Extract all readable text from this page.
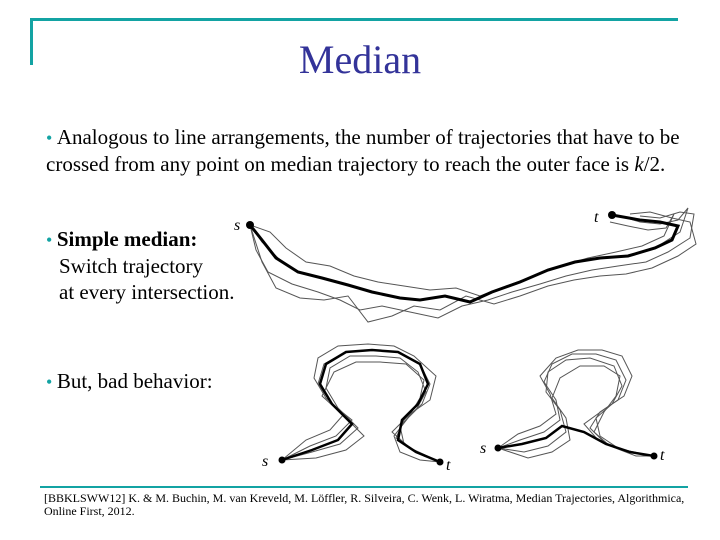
Median
• Analogous to line arrangements, the number of trajectories that have to be crossed from any point on median trajectory to reach the outer face is k/2.
• Simple median:
Switch trajectory
at every intersection.
• But, bad behavior:
s	t
s	t
s	t
[BBKLSWW12] K. & M. Buchin, M. van Kreveld, M. Löffler, R. Silveira, C. Wenk, L. Wiratma, Median Trajectories, Algorithmica, Online First, 2012.
